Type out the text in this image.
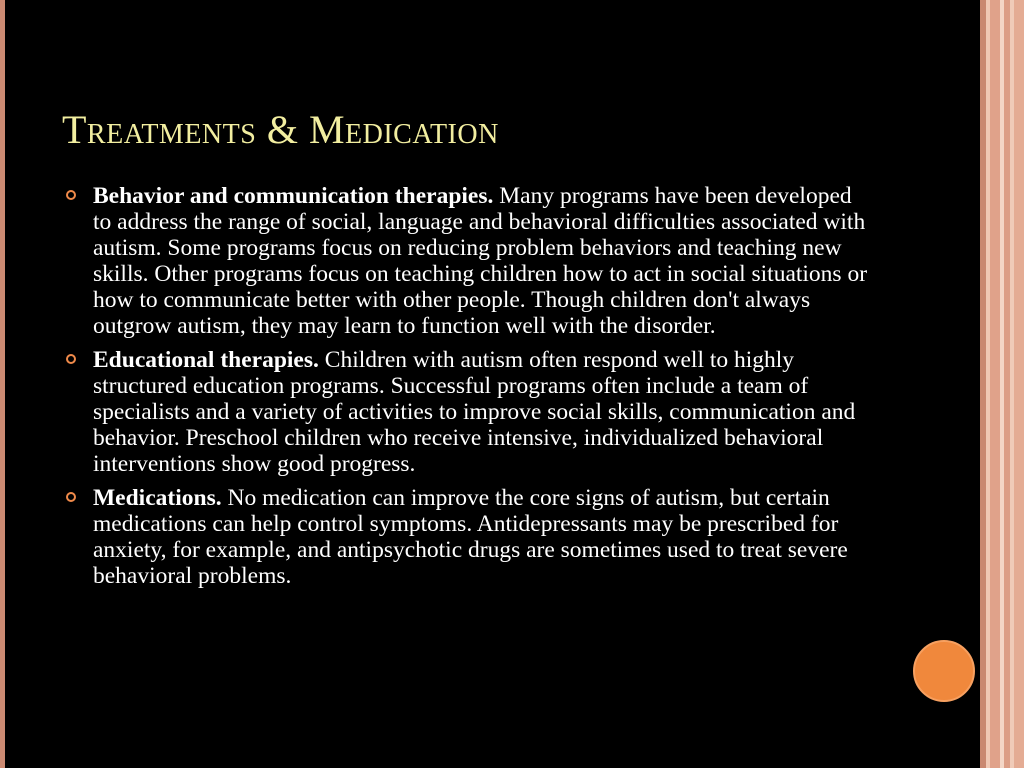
Treatments & Medication
Behavior and communication therapies. Many programs have been developed to address the range of social, language and behavioral difficulties associated with autism. Some programs focus on reducing problem behaviors and teaching new skills. Other programs focus on teaching children how to act in social situations or how to communicate better with other people. Though children don't always outgrow autism, they may learn to function well with the disorder.
Educational therapies. Children with autism often respond well to highly structured education programs. Successful programs often include a team of specialists and a variety of activities to improve social skills, communication and behavior. Preschool children who receive intensive, individualized behavioral interventions show good progress.
Medications. No medication can improve the core signs of autism, but certain medications can help control symptoms. Antidepressants may be prescribed for anxiety, for example, and antipsychotic drugs are sometimes used to treat severe behavioral problems.
